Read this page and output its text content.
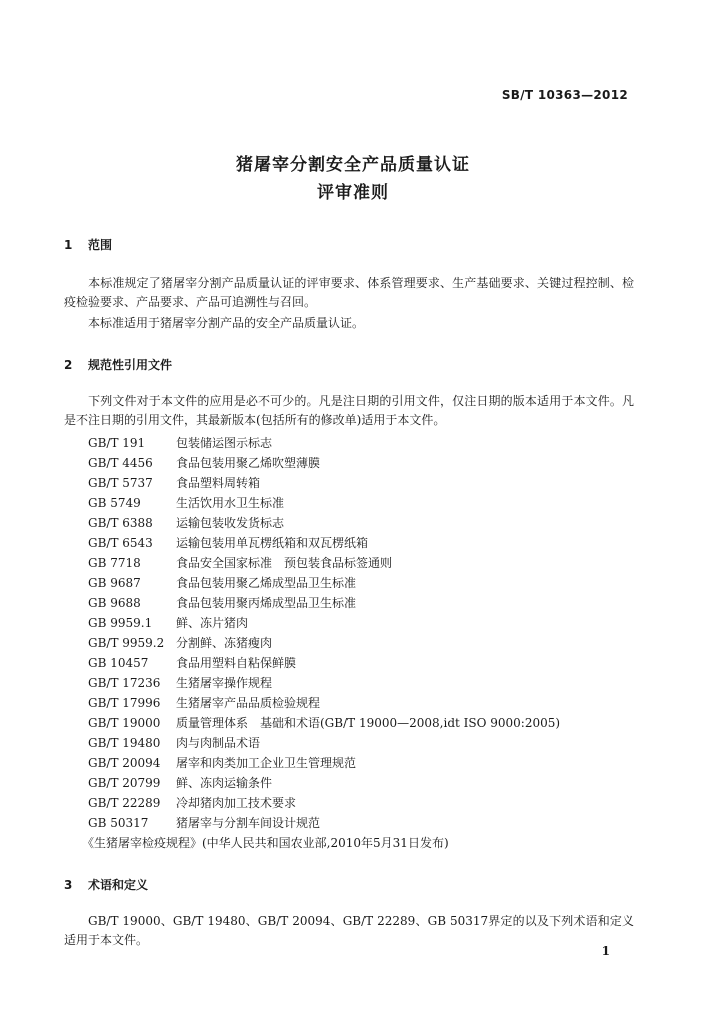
SB/T 10363—2012
猪屠宰分割安全产品质量认证
评审准则
1 范围
本标准规定了猪屠宰分割产品质量认证的评审要求、体系管理要求、生产基础要求、关键过程控制、检疫检验要求、产品要求、产品可追溯性与召回。
本标准适用于猪屠宰分割产品的安全产品质量认证。
2 规范性引用文件
下列文件对于本文件的应用是必不可少的。凡是注日期的引用文件，仅注日期的版本适用于本文件。凡是不注日期的引用文件，其最新版本(包括所有的修改单)适用于本文件。
GB/T 191	包装储运图示标志
GB/T 4456 食品包装用聚乙烯吹塑薄膜
GB/T 5737 食品塑料周转箱
GB 5749	生活饮用水卫生标准
GB/T 6388 运输包装收发货标志
GB/T 6543 运输包装用单瓦楞纸箱和双瓦楞纸箱
GB 7718	食品安全国家标准　预包装食品标签通则
GB 9687	食品包装用聚乙烯成型品卫生标准
GB 9688	食品包装用聚丙烯成型品卫生标准
GB 9959.1 鲜、冻片猪肉
GB/T 9959.2 分割鲜、冻猪瘦肉
GB 10457 食品用塑料自粘保鲜膜
GB/T 17236 生猪屠宰操作规程
GB/T 17996 生猪屠宰产品品质检验规程
GB/T 19000 质量管理体系　基础和术语(GB/T 19000—2008,idt ISO 9000:2005)
GB/T 19480 肉与肉制品术语
GB/T 20094 屠宰和肉类加工企业卫生管理规范
GB/T 20799 鲜、冻肉运输条件
GB/T 22289 冷却猪肉加工技术要求
GB 50317 猪屠宰与分割车间设计规范
《生猪屠宰检疫规程》(中华人民共和国农业部,2010年5月31日发布)
3 术语和定义
GB/T 19000、GB/T 19480、GB/T 20094、GB/T 22289、GB 50317界定的以及下列术语和定义适用于本文件。
1
